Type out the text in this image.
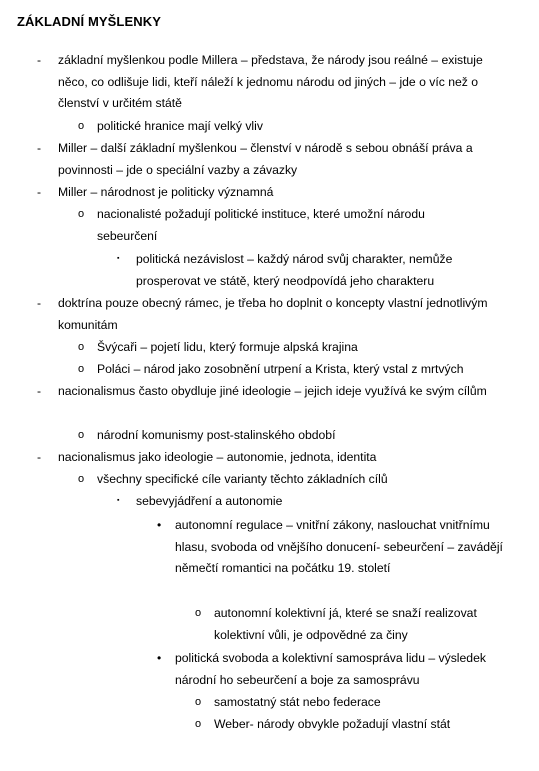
ZÁKLADNÍ MYŠLENKY
- základní myšlenkou podle Millera – představa, že národy jsou reálné – existuje něco, co odlišuje lidi, kteří náleží k jednomu národu od jiných – jde o víc než o členství v určitém státě
o politické hranice mají velký vliv
- Miller – další základní myšlenkou – členství v národě s sebou obnáší práva a povinnosti – jde o speciální vazby a závazky
- Miller – národnost je politicky významná
o nacionalisté požadují politické instituce, které umožní národu sebeurčení
▪ politická nezávislost – každý národ svůj charakter, nemůže prosperovat ve státě, který neodpovídá jeho charakteru
- doktrína pouze obecný rámec, je třeba ho doplnit o koncepty vlastní jednotlivým komunitám
o Švýcaři – pojetí lidu, který formuje alpská krajina
o Poláci – národ jako zosobnění utrpení a Krista, který vstal z mrtvých
- nacionalismus často obydluje jiné ideologie – jejich ideje využívá ke svým cílům
o národní komunismy post-stalinského období
- nacionalismus jako ideologie – autonomie, jednota, identita
o všechny specifické cíle varianty těchto základních cílů
▪ sebevyjádření a autonomie
• autonomní regulace – vnitřní zákony, naslouchat vnitřnímu hlasu, svoboda od vnějšího donucení- sebeurčení – zavádějí němečtí romantici na počátku 19. století
o autonomní kolektivní já, které se snaží realizovat kolektivní vůli, je odpovědné za činy
• politická svoboda a kolektivní samospráva lidu – výsledek národní ho sebeurčení a boje za samosprávu
o samostatný stát nebo federace
o Weber- národy obvykle požadují vlastní stát
